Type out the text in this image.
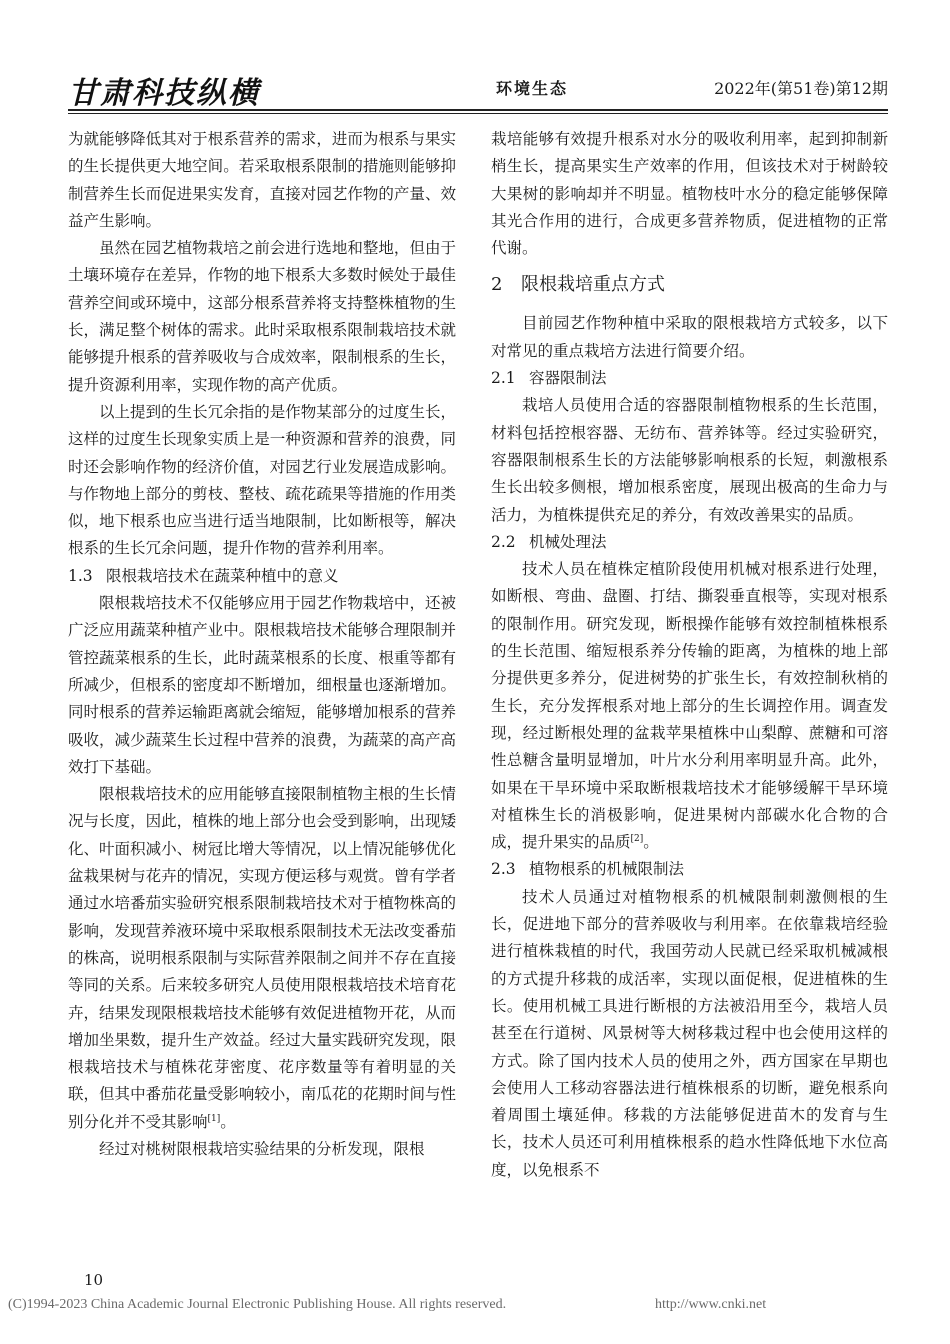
甘肃科技纵横	环境生态	2022年(第51卷)第12期

为就能够降低其对于根系营养的需求，进而为根系与果实的生长提供更大地空间。若采取根系限制的措施则能够抑制营养生长而促进果实发育，直接对园艺作物的产量、效益产生影响。

虽然在园艺植物栽培之前会进行选地和整地，但由于土壤环境存在差异，作物的地下根系大多数时候处于最佳营养空间或环境中，这部分根系营养将支持整株植物的生长，满足整个树体的需求。此时采取根系限制栽培技术就能够提升根系的营养吸收与合成效率，限制根系的生长，提升资源利用率，实现作物的高产优质。

以上提到的生长冗余指的是作物某部分的过度生长，这样的过度生长现象实质上是一种资源和营养的浪费，同时还会影响作物的经济价值，对园艺行业发展造成影响。与作物地上部分的剪枝、整枝、疏花疏果等措施的作用类似，地下根系也应当进行适当地限制，比如断根等，解决根系的生长冗余问题，提升作物的营养利用率。

1.3 限根栽培技术在蔬菜种植中的意义

限根栽培技术不仅能够应用于园艺作物栽培中，还被广泛应用蔬菜种植产业中。限根栽培技术能够合理限制并管控蔬菜根系的生长，此时蔬菜根系的长度、根重等都有所减少，但根系的密度却不断增加，细根量也逐渐增加。同时根系的营养运输距离就会缩短，能够增加根系的营养吸收，减少蔬菜生长过程中营养的浪费，为蔬菜的高产高效打下基础。

限根栽培技术的应用能够直接限制植物主根的生长情况与长度，因此，植株的地上部分也会受到影响，出现矮化、叶面积减小、树冠比增大等情况，以上情况能够优化盆栽果树与花卉的情况，实现方便运移与观赏。曾有学者通过水培番茄实验研究根系限制栽培技术对于植物株高的影响，发现营养液环境中采取根系限制技术无法改变番茄的株高，说明根系限制与实际营养限制之间并不存在直接等同的关系。后来较多研究人员使用限根栽培技术培育花卉，结果发现限根栽培技术能够有效促进植物开花，从而增加坐果数，提升生产效益。经过大量实践研究发现，限根栽培技术与植株花芽密度、花序数量等有着明显的关联，但其中番茄花量受影响较小，南瓜花的花期时间与性别分化并不受其影响[1]。

经过对桃树限根栽培实验结果的分析发现，限根

栽培能够有效提升根系对水分的吸收利用率，起到抑制新梢生长，提高果实生产效率的作用，但该技术对于树龄较大果树的影响却并不明显。植物枝叶水分的稳定能够保障其光合作用的进行，合成更多营养物质，促进植物的正常代谢。

2 限根栽培重点方式

目前园艺作物种植中采取的限根栽培方式较多，以下对常见的重点栽培方法进行简要介绍。

2.1 容器限制法

栽培人员使用合适的容器限制植物根系的生长范围，材料包括控根容器、无纺布、营养钵等。经过实验研究，容器限制根系生长的方法能够影响根系的长短，刺激根系生长出较多侧根，增加根系密度，展现出极高的生命力与活力，为植株提供充足的养分，有效改善果实的品质。

2.2 机械处理法

技术人员在植株定植阶段使用机械对根系进行处理，如断根、弯曲、盘圈、打结、撕裂垂直根等，实现对根系的限制作用。研究发现，断根操作能够有效控制植株根系的生长范围、缩短根系养分传输的距离，为植株的地上部分提供更多养分，促进树势的扩张生长，有效控制秋梢的生长，充分发挥根系对地上部分的生长调控作用。调查发现，经过断根处理的盆栽苹果植株中山梨醇、蔗糖和可溶性总糖含量明显增加，叶片水分利用率明显升高。此外，如果在干旱环境中采取断根栽培技术才能够缓解干旱环境对植株生长的消极影响，促进果树内部碳水化合物的合成，提升果实的品质[2]。

2.3 植物根系的机械限制法

技术人员通过对植物根系的机械限制刺激侧根的生长，促进地下部分的营养吸收与利用率。在依靠栽培经验进行植株栽植的时代，我国劳动人民就已经采取机械减根的方式提升移栽的成活率，实现以面促根，促进植株的生长。使用机械工具进行断根的方法被沿用至今，栽培人员甚至在行道树、风景树等大树移栽过程中也会使用这样的方式。除了国内技术人员的使用之外，西方国家在早期也会使用人工移动容器法进行植株根系的切断，避免根系向着周围土壤延伸。移栽的方法能够促进苗木的发育与生长，技术人员还可利用植株根系的趋水性降低地下水位高度，以免根系不

10
(C)1994-2023 China Academic Journal Electronic Publishing House. All rights reserved.	http://www.cnki.net
